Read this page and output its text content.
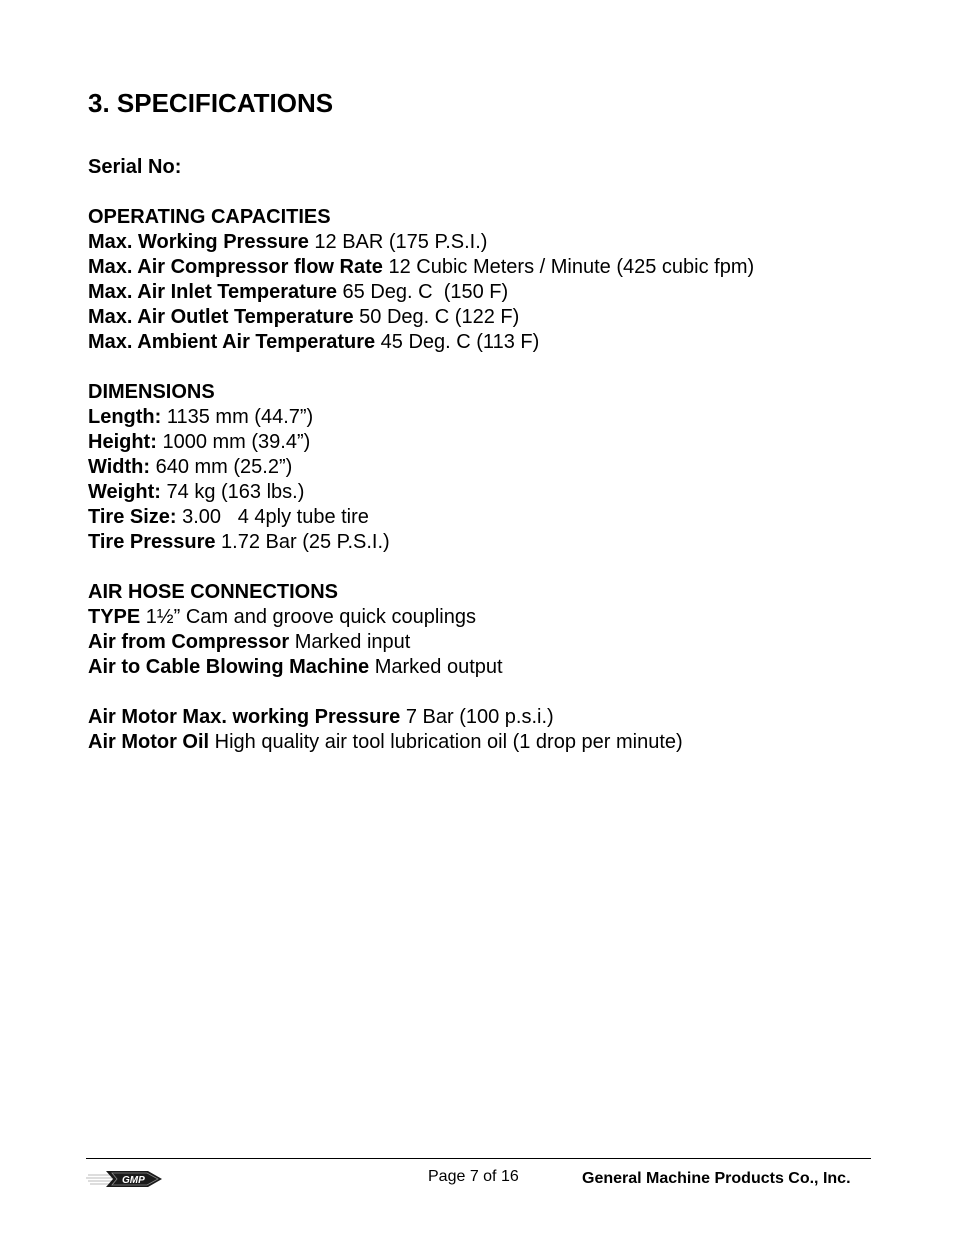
3. SPECIFICATIONS
Serial No:
OPERATING CAPACITIES
Max. Working Pressure 12 BAR (175 P.S.I.)
Max. Air Compressor flow Rate 12 Cubic Meters / Minute (425 cubic fpm)
Max. Air Inlet Temperature 65 Deg. C  (150 F)
Max. Air Outlet Temperature 50 Deg. C (122 F)
Max. Ambient Air Temperature 45 Deg. C (113 F)
DIMENSIONS
Length: 1135 mm (44.7”)
Height: 1000 mm (39.4”)
Width: 640 mm (25.2”)
Weight: 74 kg (163 lbs.)
Tire Size: 3.00   4 4ply tube tire
Tire Pressure 1.72 Bar (25 P.S.I.)
AIR HOSE CONNECTIONS
TYPE 1½” Cam and groove quick couplings
Air from Compressor Marked input
Air to Cable Blowing Machine Marked output
Air Motor Max. working Pressure 7 Bar (100 p.s.i.)
Air Motor Oil High quality air tool lubrication oil (1 drop per minute)
GMP	Page 7 of 16	General Machine Products Co., Inc.
